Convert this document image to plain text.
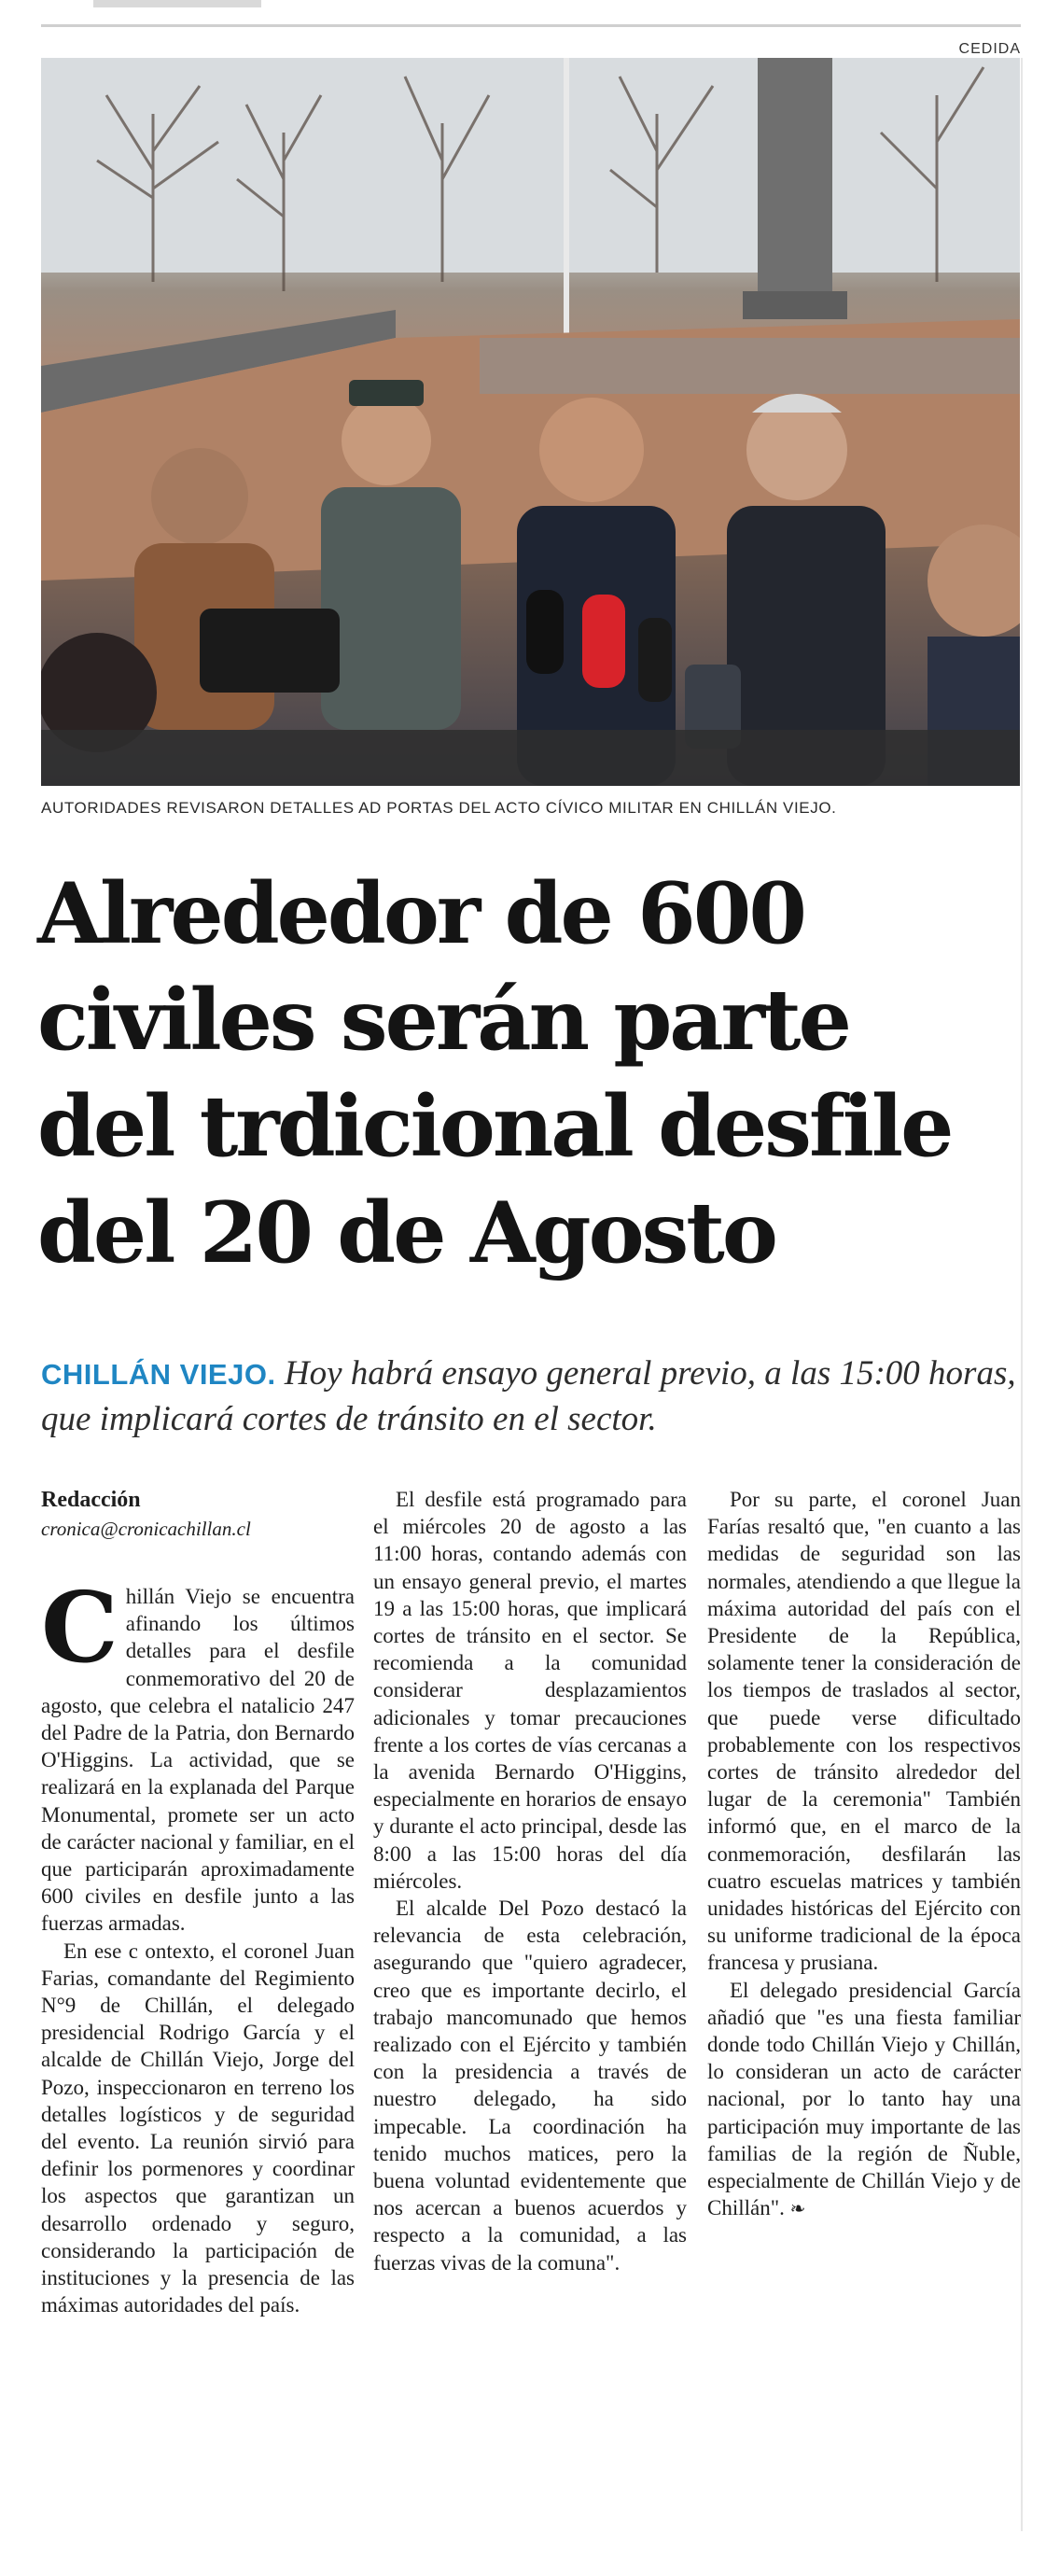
CEDIDA
AUTORIDADES REVISARON DETALLES AD PORTAS DEL ACTO CÍVICO MILITAR EN CHILLÁN VIEJO.
Alrededor de 600
civiles serán parte
del trdicional desfile
del 20 de Agosto
CHILLÁN VIEJO. Hoy habrá ensayo general previo, a las 15:00 horas, que implicará cortes de tránsito en el sector.
Redacción
cronica@cronicachillan.cl

Chillán Viejo se encuentra afinando los últimos detalles para el desfile conmemorativo del 20 de agosto, que celebra el natalicio 247 del Padre de la Patria, don Bernardo O'Higgins. La actividad, que se realizará en la explanada del Parque Monumental, promete ser un acto de carácter nacional y familiar, en el que participarán aproximadamente 600 civiles en desfile junto a las fuerzas armadas.

En ese c ontexto, el coronel Juan Farias, comandante del Regimiento N°9 de Chillán, el delegado presidencial Rodrigo García y el alcalde de Chillán Viejo, Jorge del Pozo, inspeccionaron en terreno los detalles logísticos y de seguridad del evento. La reunión sirvió para definir los pormenores y coordinar los aspectos que garantizan un desarrollo ordenado y seguro, considerando la participación de instituciones y la presencia de las máximas autoridades del país.

El desfile está programado para el miércoles 20 de agosto a las 11:00 horas, contando además con un ensayo general previo, el martes 19 a las 15:00 horas, que implicará cortes de tránsito en el sector. Se recomienda a la comunidad considerar desplazamientos adicionales y tomar precauciones frente a los cortes de vías cercanas a la avenida Bernardo O'Higgins, especialmente en horarios de ensayo y durante el acto principal, desde las 8:00 a las 15:00 horas del día miércoles.

El alcalde Del Pozo destacó la relevancia de esta celebración, asegurando que "quiero agradecer, creo que es importante decirlo, el trabajo mancomunado que hemos realizado con el Ejército y también con la presidencia a través de nuestro delegado, ha sido impecable. La coordinación ha tenido muchos matices, pero la buena voluntad evidentemente que nos acercan a buenos acuerdos y respecto a la comunidad, a las fuerzas vivas de la comuna".

Por su parte, el coronel Juan Farías resaltó que, "en cuanto a las medidas de seguridad son las normales, atendiendo a que llegue la máxima autoridad del país con el Presidente de la República, solamente tener la consideración de los tiempos de traslados al sector, que puede verse dificultado probablemente con los respectivos cortes de tránsito alrededor del lugar de la ceremonia" También informó que, en el marco de la conmemoración, desfilarán las cuatro escuelas matrices y también unidades históricas del Ejército con su uniforme tradicional de la época francesa y prusiana.

El delegado presidencial García añadió que "es una fiesta familiar donde todo Chillán Viejo y Chillán, lo consideran un acto de carácter nacional, por lo tanto hay una participación muy importante de las familias de la región de Ñuble, especialmente de Chillán Viejo y de Chillán". ❧
